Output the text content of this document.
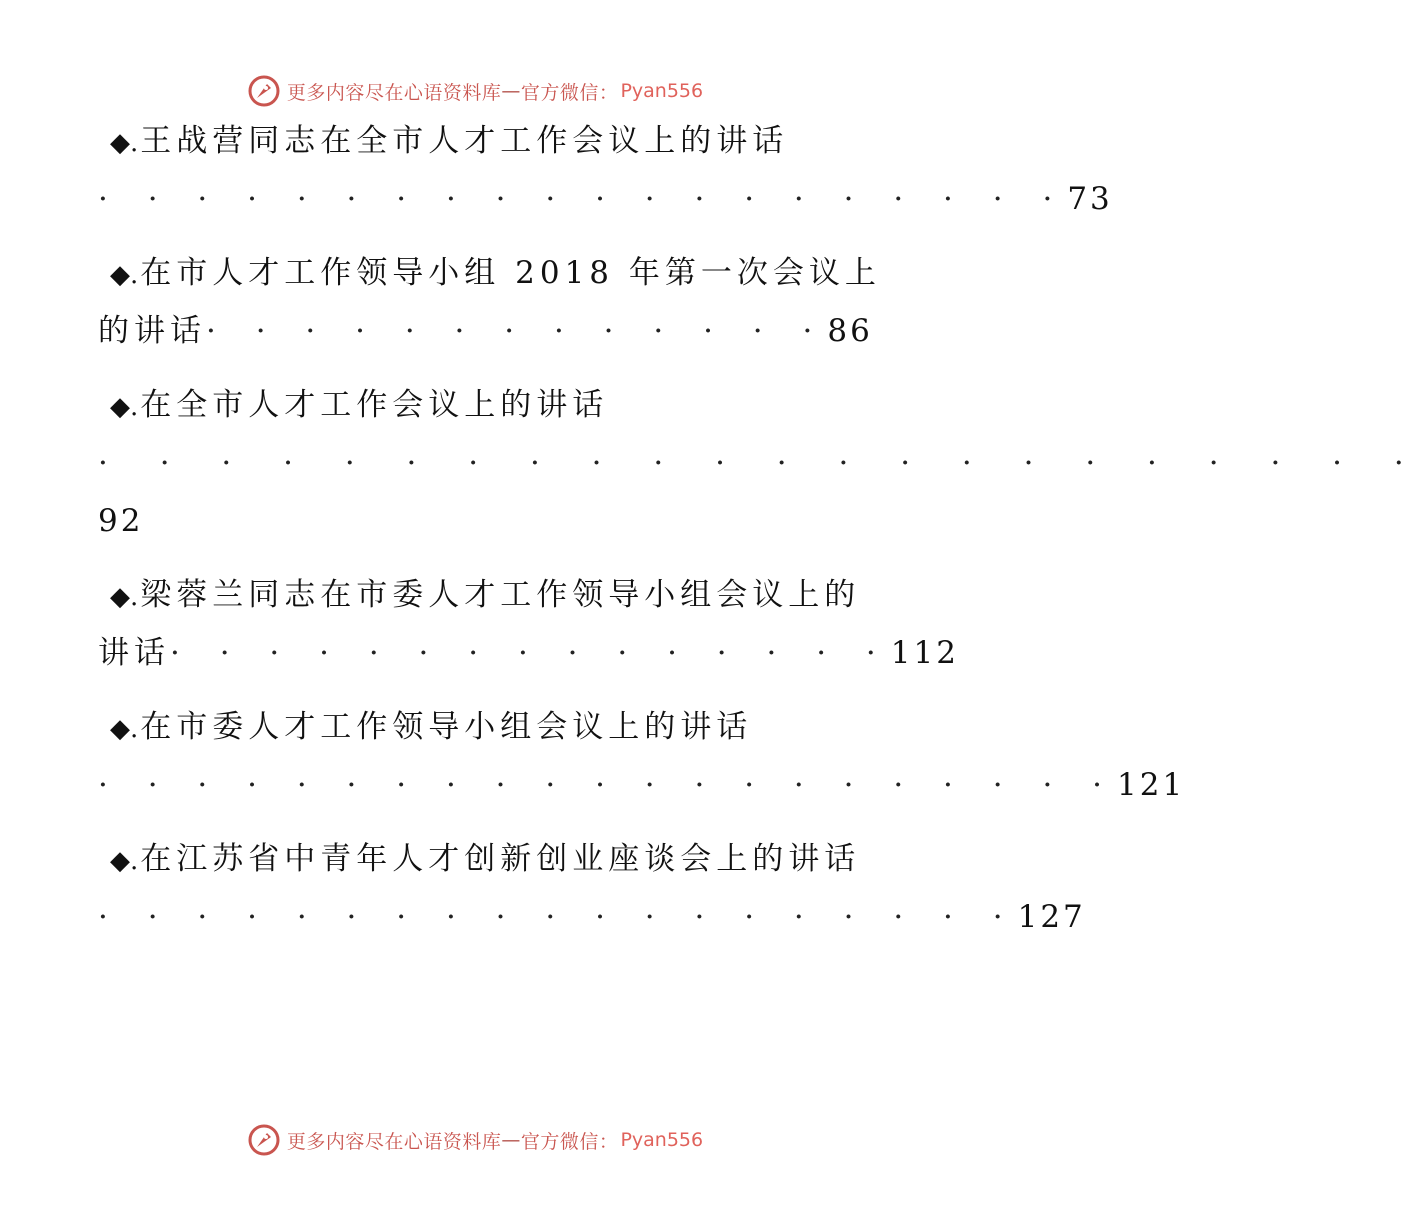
更多内容尽在心语资料库 — 官方微信： Pyan556
◆.王战营同志在全市人才工作会议上的讲话
· · · · · · · · · · · · · · · · · · · ·73
◆.在市人才工作领导小组 2018 年第一次会议上
的讲话· · · · · · · · · · · · ·86
◆.在全市人才工作会议上的讲话
· · · · · · · · · · · · · · · · · · · · · ·
92
◆.梁蓉兰同志在市委人才工作领导小组会议上的
讲话· · · · · · · · · · · · · · ·112
◆.在市委人才工作领导小组会议上的讲话
· · · · · · · · · · · · · · · · · · · · ·121
◆.在江苏省中青年人才创新创业座谈会上的讲话
· · · · · · · · · · · · · · · · · · ·127
更多内容尽在心语资料库 — 官方微信： Pyan556
